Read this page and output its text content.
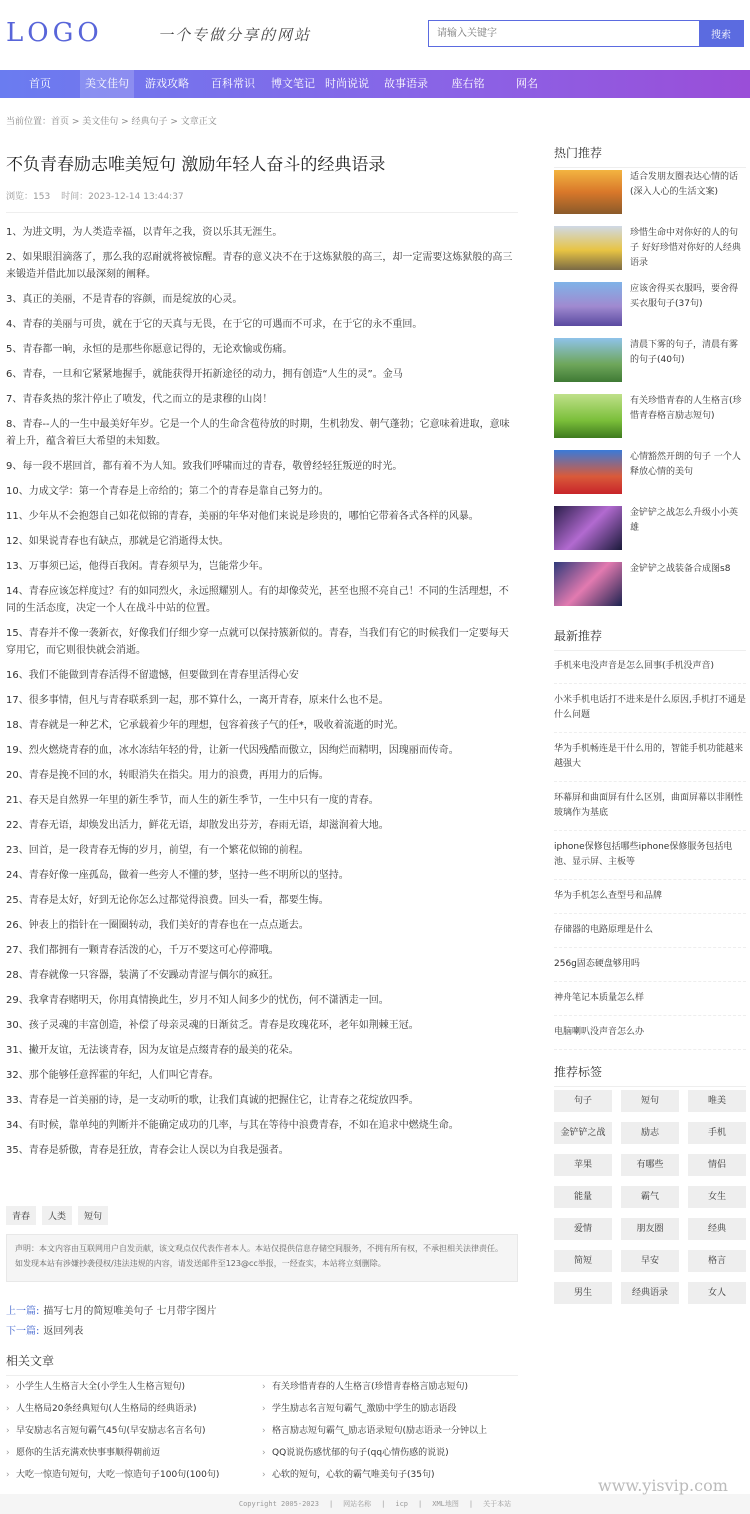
LOGO	一个专做分享的网站
请输入关键字	搜索
首页	美文佳句	游戏攻略	百科常识	博文笔记 时尚说说	故事语录	座右铭	网名
当前位置：首页 > 美文佳句 > 经典句子 > 文章正文
不负青春励志唯美短句 激励年轻人奋斗的经典语录
浏览：153 时间：2023-12-14 13:44:37

1、为进文明，为人类造幸福，以青年之我，资以乐其无涯生。

2、如果眼泪滴落了，那么我的忍耐就将被惊醒。青春的意义决不在于这炼狱般的高三，却一定需要这炼狱般的高三来锻造并借此加以最深刻的阐释。

3、真正的美丽，不是青春的容颜，而是绽放的心灵。

4、青春的美丽与可贵，就在于它的天真与无畏，在于它的可遇而不可求，在于它的永不重回。

5、青春都一晌，永恒的是那些你愿意记得的，无论欢愉或伤痛。

6、青春，一旦和它紧紧地握手，就能获得开拓新途径的动力，拥有创造“人生的灵”。金马

7、青春炙热的浆汁停止了喷发，代之而立的是隶穆的山岗！

8、青春--人的一生中最美好年岁。它是一个人的生命含苞待放的时期，生机勃发、朝气蓬勃；它意味着进取，意味着上升，蕴含着巨大希望的未知数。

9、每一段不堪回首，都有着不为人知。致我们呼啸而过的青春，敬曾经轻狂叛逆的时光。

10、力成文学：第一个青春是上帝给的；第二个的青春是靠自己努力的。

11、少年从不会抱怨自己如花似锦的青春，美丽的年华对他们来说是珍贵的，哪怕它带着各式各样的风暴。

12、如果说青春也有缺点，那就是它消逝得太快。

13、万事须已运，他得百我闲。青春须早为，岂能常少年。

14、青春应该怎样度过？有的如同烈火，永远照耀别人。有的却像荧光，甚至也照不亮自己！不同的生活理想，不同的生活态度，决定一个人在战斗中站的位置。

15、青春并不像一袭新衣，好像我们仔细少穿一点就可以保持簇新似的。青春，当我们有它的时候我们一定要每天穿用它，而它则很快就会消逝。

16、我们不能做到青春活得不留遗憾，但要做到在青春里活得心安

17、很多事情，但凡与青春联系到一起，那不算什么，一离开青春，原来什么也不是。

18、青春就是一种艺术，它承载着少年的理想，包容着孩子气的任*，吸收着流逝的时光。

19、烈火燃烧青春的血，冰水冻结年轻的骨，让新一代因残酷而傲立，因绚烂而精明，因瑰丽而传奇。

20、青春是挽不回的水，转眼消失在指尖。用力的浪费，再用力的后悔。

21、春天是自然界一年里的新生季节，而人生的新生季节，一生中只有一度的青春。

22、青春无语，却焕发出活力，鲜花无语，却散发出芬芳，春雨无语，却滋润着大地。

23、回首，是一段青春无悔的岁月，前望，有一个繁花似锦的前程。

24、青春好像一座孤岛，做着一些旁人不懂的梦，坚持一些不明所以的坚持。

25、青春是太好，好到无论你怎么过都觉得浪费。回头一看，都要生悔。

26、钟表上的指针在一圈圈转动，我们美好的青春也在一点点逝去。

27、我们都拥有一颗青春活泼的心，千万不要这可心停滞哦。

28、青春就像一只容器，装满了不安躁动青涩与偶尔的疯狂。

29、我拿青春赌明天，你用真情换此生，岁月不知人间多少的忧伤，何不潇洒走一回。

30、孩子灵魂的丰富创造，补偿了母亲灵魂的日渐贫乏。青春是玫瑰花环，老年如荆棘王冠。

31、撇开友谊，无法谈青春，因为友谊是点缀青春的最美的花朵。

32、那个能够任意挥霍的年纪，人们叫它青春。

33、青春是一首美丽的诗，是一支动听的歌，让我们真诚的把握住它，让青春之花绽放四季。

34、有时候，靠单纯的判断并不能确定成功的几率，与其在等待中浪费青春，不如在追求中燃烧生命。

35、青春是骄傲，青春是狂放，青春会让人误以为自我是强者。

青春	人类	短句
声明：本文内容由互联网用户自发贡献，该文观点仅代表作者本人。本站仅提供信息存储空间服务，不拥有所有权，不承担相关法律责任。如发现本站有涉嫌抄袭侵权/违法违规的内容，请发送邮件至123@cc举报，一经查实，本站将立刻删除。
上一篇: 描写七月的简短唯美句子 七月带字图片
下一篇: 返回列表
相关文章
› 小学生人生格言大全(小学生人生格言短句)	› 有关珍惜青春的人生格言(珍惜青春格言励志短句)
› 人生格局20条经典短句(人生格局的经典语录)	› 学生励志名言短句霸气_激励中学生的励志语段
› 早安励志名言短句霸气45句(早安励志名言名句)	› 格言励志短句霸气_励志语录短句(励志语录一分钟以上
› 愿你的生活充满欢快事事顺得朝前迈	› QQ说说伤感忧郁的句子(qq心情伤感的说说)
› 大吃一惊造句短句，大吃一惊造句子100句(100句)	› 心软的短句，心软的霸气唯美句子(35句)
热门推荐
适合发朋友圈表达心情的话(深入人心的生活文案)
珍惜生命中对你好的人的句子 好好珍惜对你好的人经典语录
应该舍得买衣服吗，要舍得买衣服句子(37句)
清晨下雾的句子，清晨有雾的句子(40句)
有关珍惜青春的人生格言(珍惜青春格言励志短句)
心情豁然开朗的句子 一个人释放心情的美句
金铲铲之战怎么升级小小英雄
金铲铲之战装备合成图s8
最新推荐
手机来电没声音是怎么回事(手机没声音)
小米手机电话打不进来是什么原因,手机打不通是什么问题
华为手机畅连是干什么用的，智能手机功能越来越强大
环幕屏和曲面屏有什么区别，曲面屏幕以非刚性玻璃作为基底
iphone保修包括哪些iphone保修服务包括电池、显示屏、主板等
华为手机怎么查型号和品牌
存储器的电路原理是什么
256g固态硬盘够用吗
神舟笔记本质量怎么样
电脑喇叭没声音怎么办
推荐标签
句子	短句	唯美
金铲铲之战	励志	手机
苹果	有哪些	情侣
能量	霸气	女生
爱情	朋友圈	经典
简短	早安	格言
男生	经典语录	女人
Copyright 2005-2023 | 网站名称 | icp | XML地图 | 关于本站
www.yisvip.com
